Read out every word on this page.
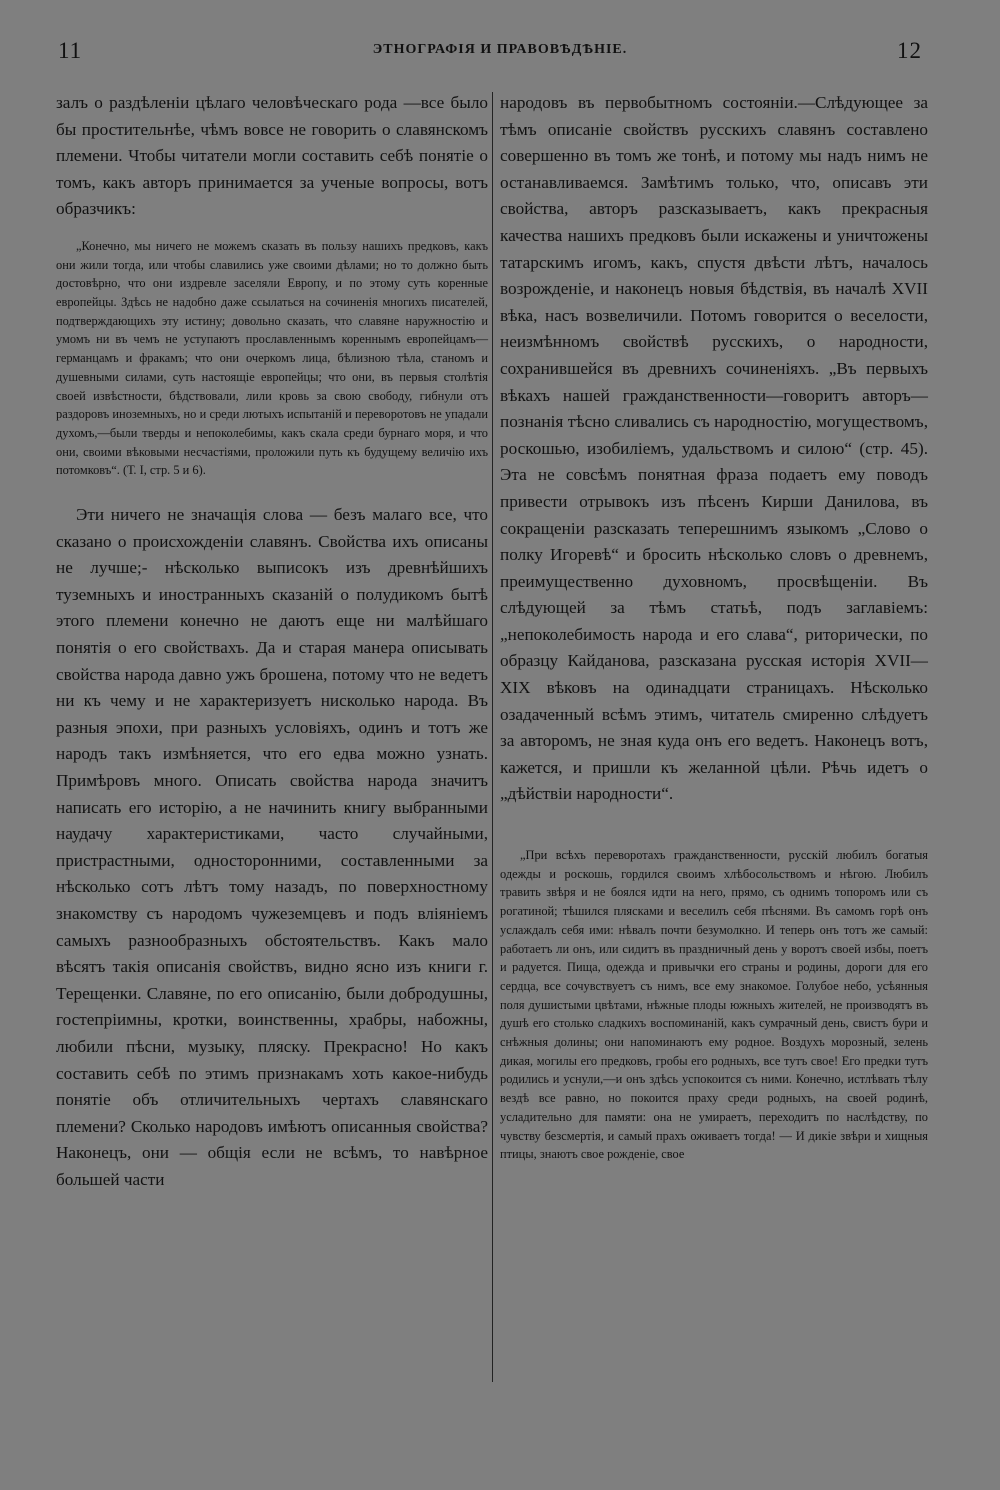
11	ЭТНОГРАФІЯ И ПРАВОВѢДѢНІЕ.	12

залъ о раздѣленіи цѣлаго человѣческаго рода —все было бы простительнѣе, чѣмъ вовсе не говорить о славянскомъ племени. Чтобы читатели могли составить себѣ понятіе о томъ, какъ авторъ принимается за ученые вопросы, вотъ образчикъ:

„Конечно, мы ничего не можемъ сказать въ пользу нашихъ предковъ, какъ они жили тогда, или чтобы славились уже своими дѣлами; но то должно быть достовѣрно, что они издревле заселяли Европу, и по этому суть коренные европейцы. Здѣсь не надобно даже ссылаться на сочиненія многихъ писателей, подтверждающихъ эту истину; довольно сказать, что славяне наружностію и умомъ ни въ чемъ не уступаютъ прославленнымъ кореннымъ европейцамъ—германцамъ и фракамъ; что они очеркомъ лица, бѣлизною тѣла, станомъ и душевными силами, суть настоящіе европейцы; что они, въ первыя столѣтія своей извѣстности, бѣдствовали, лили кровь за свою свободу, гибнули отъ раздоровъ иноземныхъ, но и среди лютыхъ испытаній и переворотовъ не упадали духомъ,—были тверды и непоколебимы, какъ скала среди бурнаго моря, и что они, своими вѣковыми несчастіями, проложили путь къ будущему величію ихъ потомковъ“. (Т. I, стр. 5 и 6).

Эти ничего не значащія слова — безъ малаго все, что сказано о происхожденіи славянъ. Свойства ихъ описаны не лучше;- нѣсколько выписокъ изъ древнѣйшихъ туземныхъ и иностранныхъ сказаній о полудикомъ бытѣ этого племени конечно не даютъ еще ни малѣйшаго понятія о его свойствахъ. Да и старая манера описывать свойства народа давно ужъ брошена, потому что не ведетъ ни къ чему и не характеризуетъ нисколько народа. Въ разныя эпохи, при разныхъ условіяхъ, одинъ и тотъ же народъ такъ измѣняется, что его едва можно узнать. Примѣровъ много. Описать свойства народа значитъ написать его исторію, а не начинить книгу выбранными наудачу характеристиками, часто случайными, пристрастными, односторонними, составленными за нѣсколько сотъ лѣтъ тому назадъ, по поверхностному знакомству съ народомъ чужеземцевъ и подъ вліяніемъ самыхъ разнообразныхъ обстоятельствъ. Какъ мало вѣсятъ такія описанія свойствъ, видно ясно изъ книги г. Терещенки. Славяне, по его описанію, были добродушны, гостепріимны, кротки, воинственны, храбры, набожны, любили пѣсни, музыку, пляску. Прекрасно! Но какъ составить себѣ по этимъ признакамъ хоть какое-нибудь понятіе объ отличительныхъ чертахъ славянскаго племени? Сколько народовъ имѣютъ описанныя свойства? Наконецъ, они — общія если не всѣмъ, то навѣрное большей части

народовъ въ первобытномъ состояніи.—Слѣдующее за тѣмъ описаніе свойствъ русскихъ славянъ составлено совершенно въ томъ же тонѣ, и потому мы надъ нимъ не останавливаемся. Замѣтимъ только, что, описавъ эти свойства, авторъ разсказываетъ, какъ прекрасныя качества нашихъ предковъ были искажены и уничтожены татарскимъ игомъ, какъ, спустя двѣсти лѣтъ, началось возрожденіе, и наконецъ новыя бѣдствія, въ началѣ XVII вѣка, насъ возвеличили. Потомъ говорится о веселости, неизмѣнномъ свойствѣ русскихъ, о народности, сохранившейся въ древнихъ сочиненіяхъ. „Въ первыхъ вѣкахъ нашей гражданственности—говоритъ авторъ—познанія тѣсно сливались съ народностію, могуществомъ, роскошью, изобиліемъ, удальствомъ и силою“ (стр. 45). Эта не совсѣмъ понятная фраза подаетъ ему поводъ привести отрывокъ изъ пѣсенъ Кирши Данилова, въ сокращеніи разсказать теперешнимъ языкомъ „Слово о полку Игоревѣ“ и бросить нѣсколько словъ о древнемъ, преимущественно духовномъ, просвѣщеніи. Въ слѣдующей за тѣмъ статьѣ, подъ заглавіемъ: „непоколебимость народа и его слава“, риторически, по образцу Кайданова, разсказана русская исторія XVII—XIX вѣковъ на одинадцати страницахъ. Нѣсколько озадаченный всѣмъ этимъ, читатель смиренно слѣдуетъ за авторомъ, не зная куда онъ его ведетъ. Наконецъ вотъ, кажется, и пришли къ желанной цѣли. Рѣчь идетъ о „дѣйствіи народности“.

„При всѣхъ переворотахъ гражданственности, русскій любилъ богатыя одежды и роскошь, гордился своимъ хлѣбосольствомъ и нѣгою. Любилъ травить звѣря и не боялся идти на него, прямо, съ однимъ топоромъ или съ рогатиной; тѣшился плясками и веселилъ себя пѣснями. Въ самомъ горѣ онъ услаждалъ себя ими: нѣвалъ почти безумолкно. И теперь онъ тотъ же самый: работаетъ ли онъ, или сидитъ въ праздничный день у воротъ своей избы, поетъ и радуется. Пища, одежда и привычки его страны и родины, дороги для его сердца, все сочувствуетъ съ нимъ, все ему знакомое. Голубое небо, усѣянныя поля душистыми цвѣтами, нѣжные плоды южныхъ жителей, не производятъ въ душѣ его столько сладкихъ воспоминаній, какъ сумрачный день, свистъ бури и снѣжныя долины; они напоминаютъ ему родное. Воздухъ морозный, зелень дикая, могилы его предковъ, гробы его родныхъ, все тутъ свое! Его предки тутъ родились и уснули,—и онъ здѣсь успокоится съ ними. Конечно, истлѣвать тѣлу вездѣ все равно, но покоится праху среди родныхъ, на своей родинѣ, усладительно для памяти: она не умираетъ, переходитъ по наслѣдству, по чувству безсмертія, и самый прахъ оживаетъ тогда! — И дикіе звѣри и хищныя птицы, знаютъ свое рожденіе, свое
